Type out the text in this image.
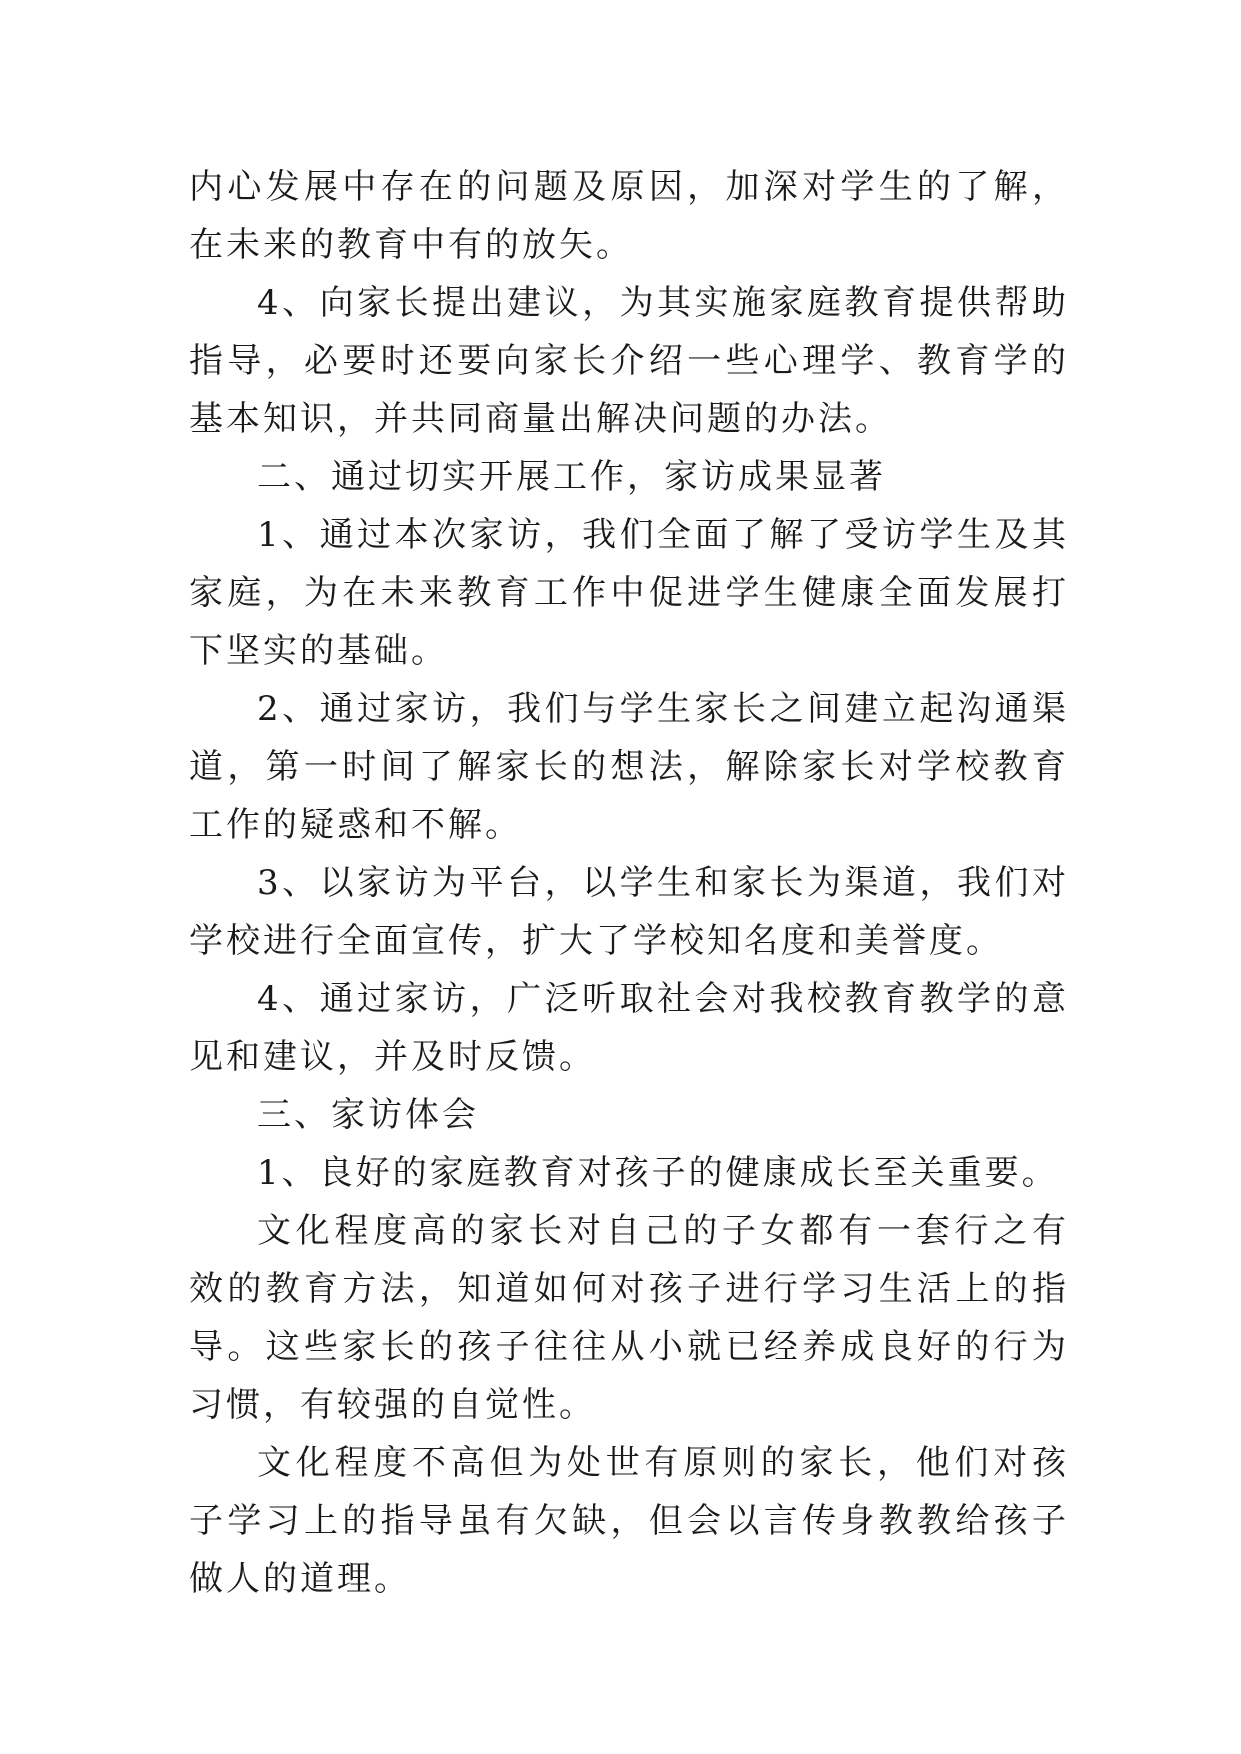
内心发展中存在的问题及原因，加深对学生的了解，在未来的教育中有的放矢。

4、向家长提出建议，为其实施家庭教育提供帮助指导，必要时还要向家长介绍一些心理学、教育学的基本知识，并共同商量出解决问题的办法。

二、通过切实开展工作，家访成果显著

1、通过本次家访，我们全面了解了受访学生及其家庭，为在未来教育工作中促进学生健康全面发展打下坚实的基础。

2、通过家访，我们与学生家长之间建立起沟通渠道，第一时间了解家长的想法，解除家长对学校教育工作的疑惑和不解。

3、以家访为平台，以学生和家长为渠道，我们对学校进行全面宣传，扩大了学校知名度和美誉度。

4、通过家访，广泛听取社会对我校教育教学的意见和建议，并及时反馈。

三、家访体会

1、良好的家庭教育对孩子的健康成长至关重要。

文化程度高的家长对自己的子女都有一套行之有效的教育方法，知道如何对孩子进行学习生活上的指导。这些家长的孩子往往从小就已经养成良好的行为习惯，有较强的自觉性。

文化程度不高但为处世有原则的家长，他们对孩子学习上的指导虽有欠缺，但会以言传身教教给孩子做人的道理。
